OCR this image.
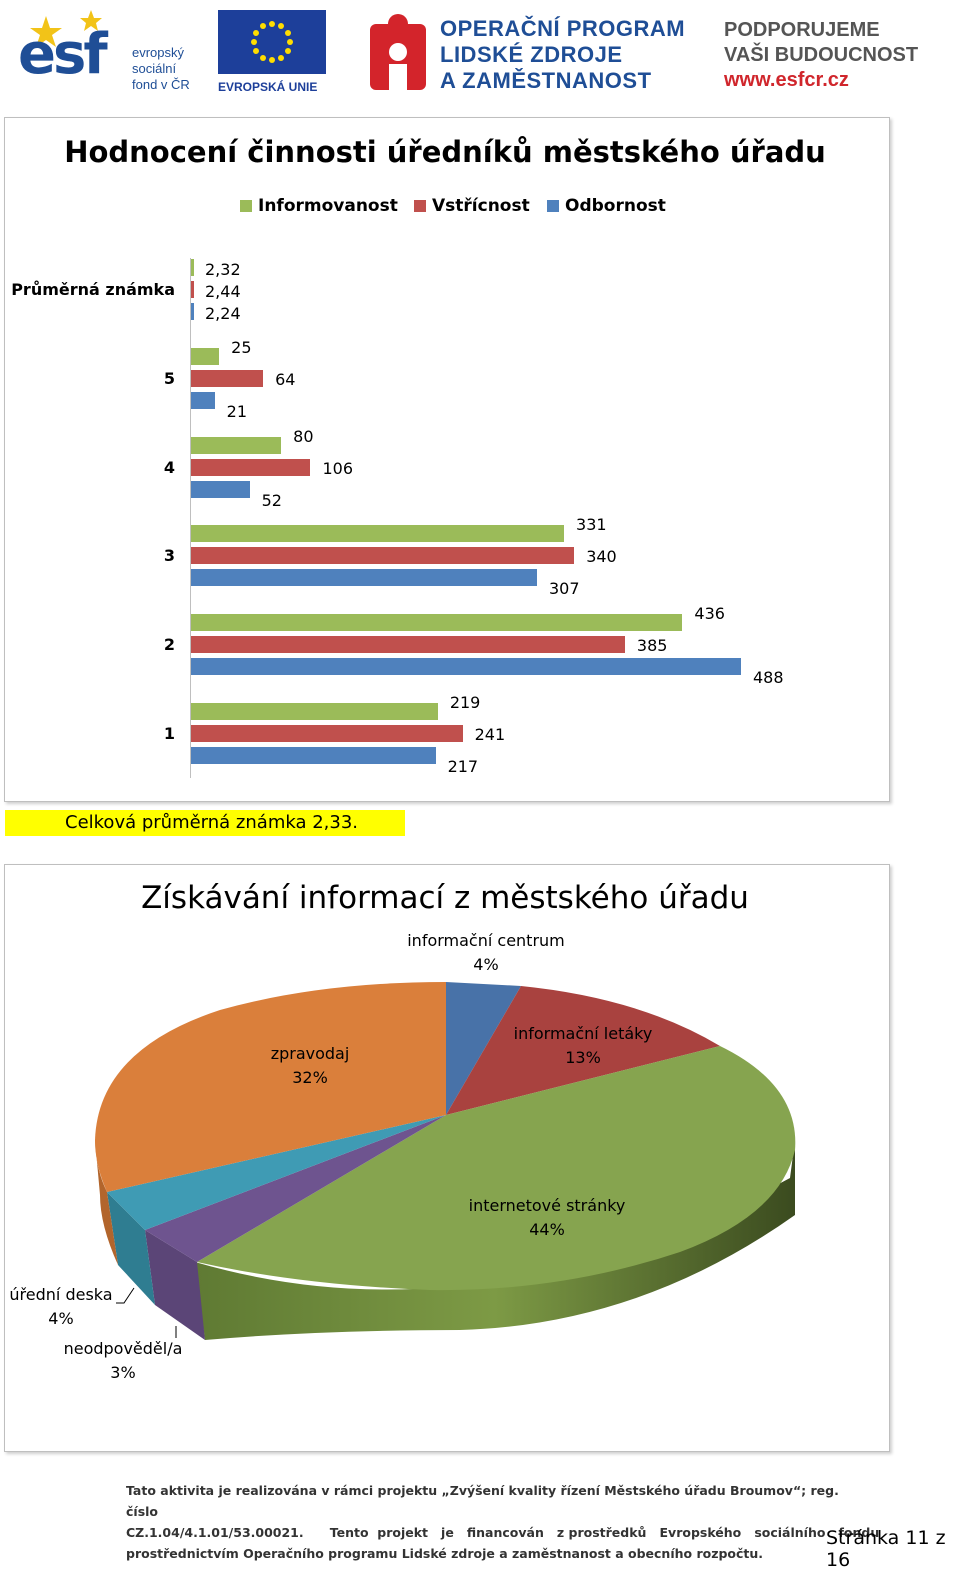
esf evropský
sociální
fond v ČR EVROPSKÁ UNIE
OPERAČNÍ PROGRAM
LIDSKÉ ZDROJE
A ZAMĚSTNANOST
PODPORUJEME
VAŠI BUDOUCNOST
www.esfcr.cz
Hodnocení činnosti úředníků městského úřadu
Informovanost Vstřícnost Odbornost
Průměrná známka
2,32
2,44
2,24
5
25
64
21
4
80
106
52
3
331
340
307
2
436
385
488
1
219
241
217
Celková průměrná známka 2,33.
Získávání informací z městského úřadu
informační centrum
4%
informační letáky
13%
internetové stránky
44%
neodpověděl/a
3%
úřední deska
4%
zpravodaj
32%
Tato aktivita je realizována v rámci projektu „Zvýšení kvality řízení Městského úřadu Broumov“; reg. číslo
CZ.1.04/4.1.01/53.00021.      Tento  projekt   je   financován   z prostředků   Evropského   sociálního   fondu
prostřednictvím Operačního programu Lidské zdroje a zaměstnanost a obecního rozpočtu.
Stránka 11 z 16
